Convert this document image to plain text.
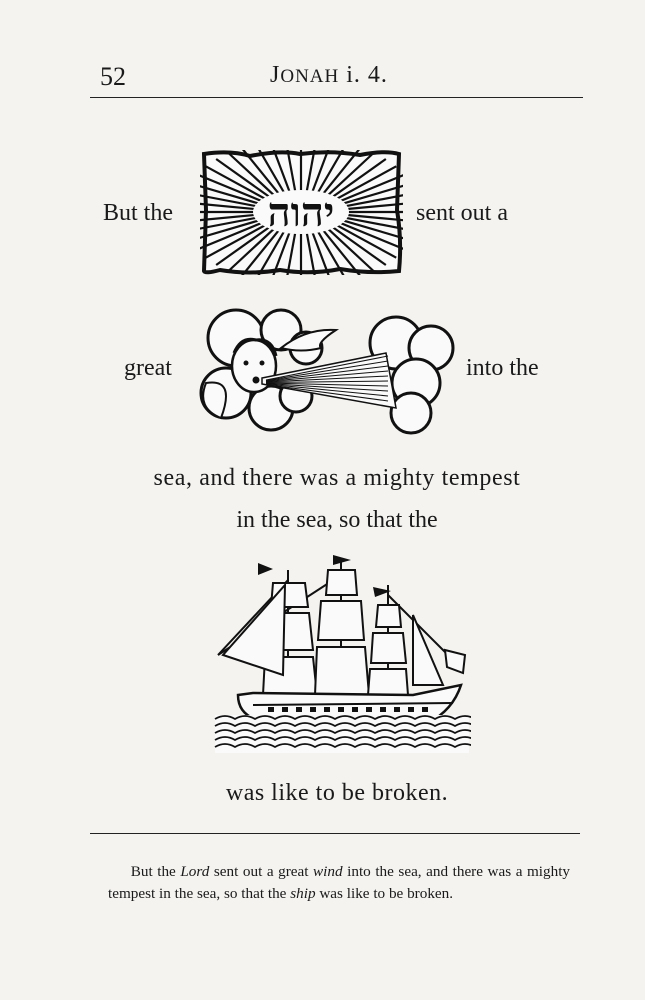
52	JONAH i. 4.
But the יהוה	sent out a
great	into the
sea, and there was a mighty tempest
in the sea, so that the
was like to be broken.
But the Lord sent out a great wind into the sea, and there was a mighty tempest in the sea, so that the ship was like to be broken.
